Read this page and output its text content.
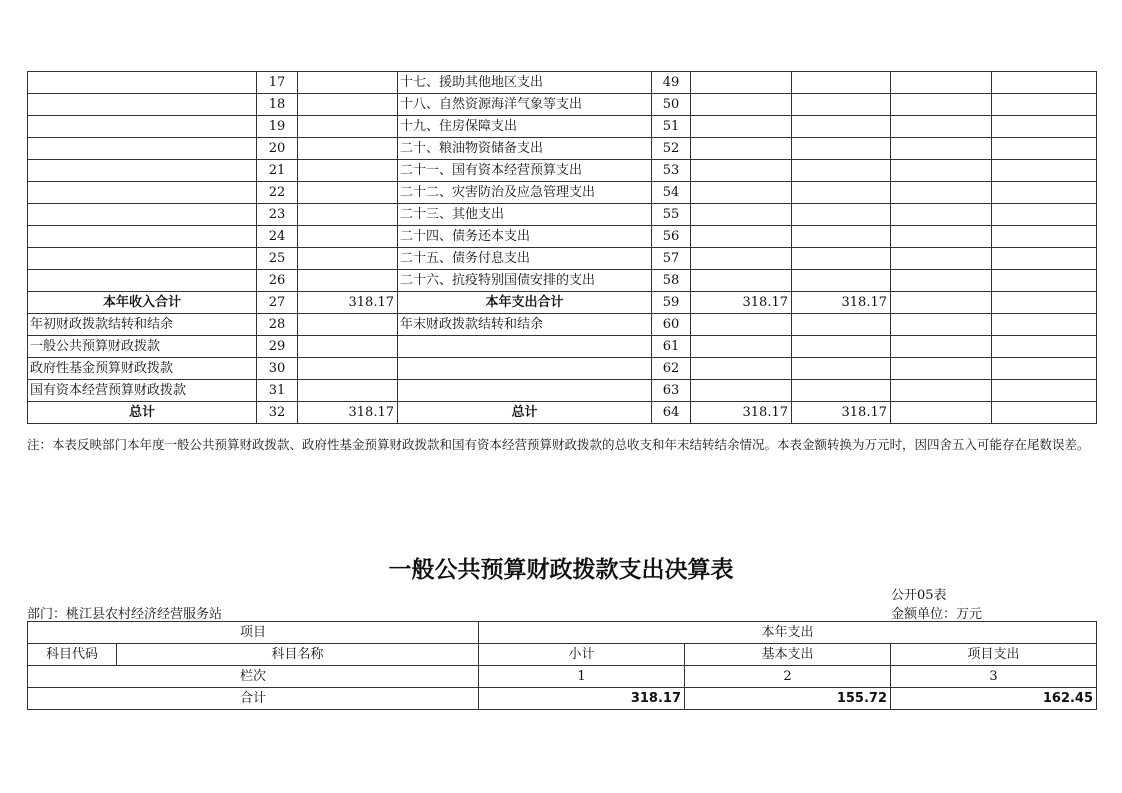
	17		十七、援助其他地区支出	49				
	18		十八、自然资源海洋气象等支出	50				
	19		十九、住房保障支出	51				
	20		二十、粮油物资储备支出	52				
	21		二十一、国有资本经营预算支出	53				
	22		二十二、灾害防治及应急管理支出	54				
	23		二十三、其他支出	55				
	24		二十四、债务还本支出	56				
	25		二十五、债务付息支出	57				
	26		二十六、抗疫特别国债安排的支出	58				
本年收入合计	27	318.17	本年支出合计	59	318.17	318.17		
年初财政拨款结转和结余	28		年末财政拨款结转和结余	60				
一般公共预算财政拨款	29			61				
政府性基金预算财政拨款	30			62				
国有资本经营预算财政拨款	31			63				
总计	32	318.17	总计	64	318.17	318.17		
注：本表反映部门本年度一般公共预算财政拨款、政府性基金预算财政拨款和国有资本经营预算财政拨款的总收支和年末结转结余情况。本表金额转换为万元时，因四舍五入可能存在尾数误差。
一般公共预算财政拨款支出决算表
公开05表
部门：桃江县农村经济经营服务站	金额单位：万元
项目		本年支出		
科目代码	科目名称	小计	基本支出	项目支出
栏次		1	2	3
合计		318.17	155.72	162.45
